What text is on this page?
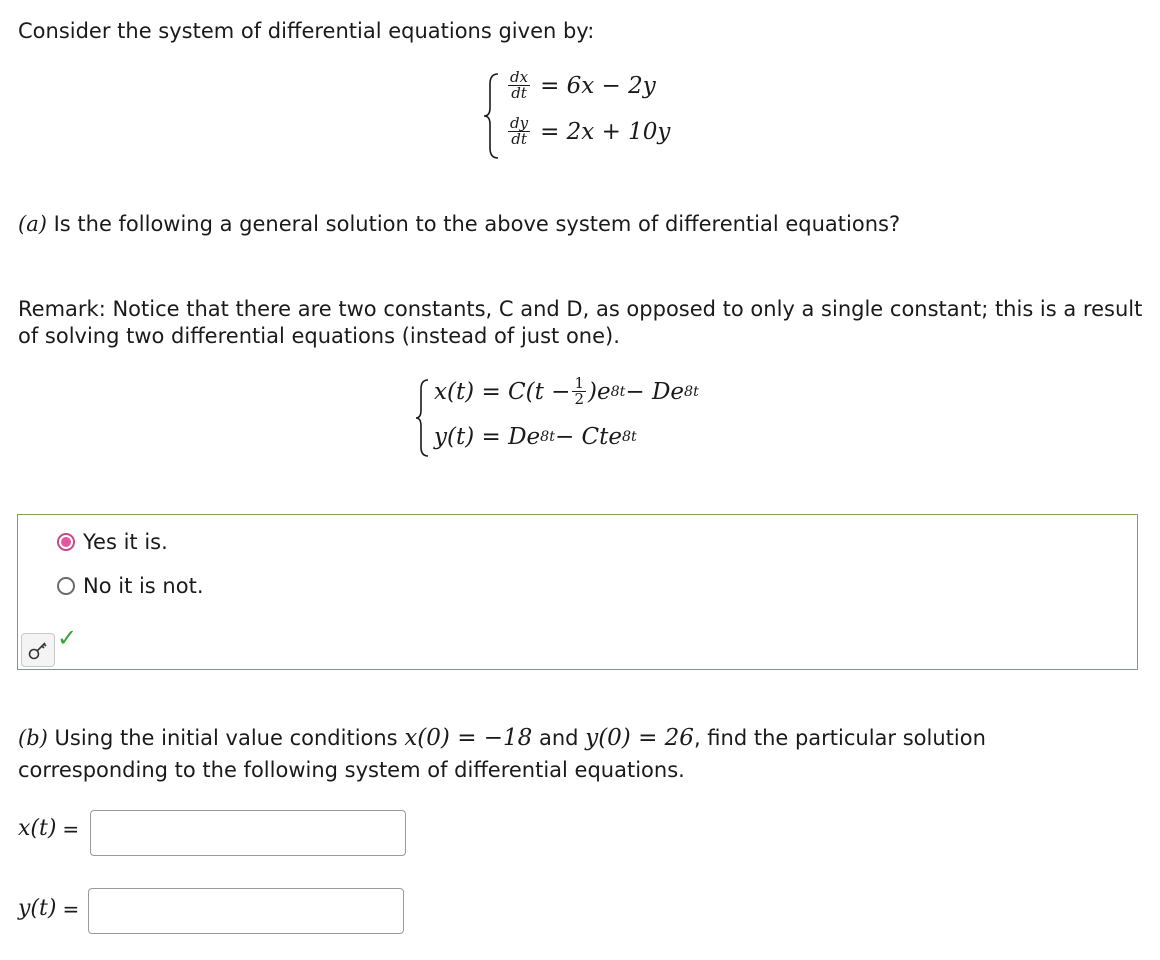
Consider the system of differential equations given by:
$\frac{dx}{dt} = 6x - 2y$
$\frac{dy}{dt} = 2x + 10y$
(a) Is the following a general solution to the above system of differential equations?
Remark: Notice that there are two constants, C and D, as opposed to only a single constant; this is a result
of solving two differential equations (instead of just one).
$x(t) = C(t - \frac{1}{2} )e$ 8t − De 8t
y(t) = De 8t − Cte 8t
Yes it is.
No it is not.
✓
(b) Using the initial value conditions x(0) = −18 and y(0) = 26, find the particular solution
corresponding to the following system of differential equations.
x(t) =
y(t) =
